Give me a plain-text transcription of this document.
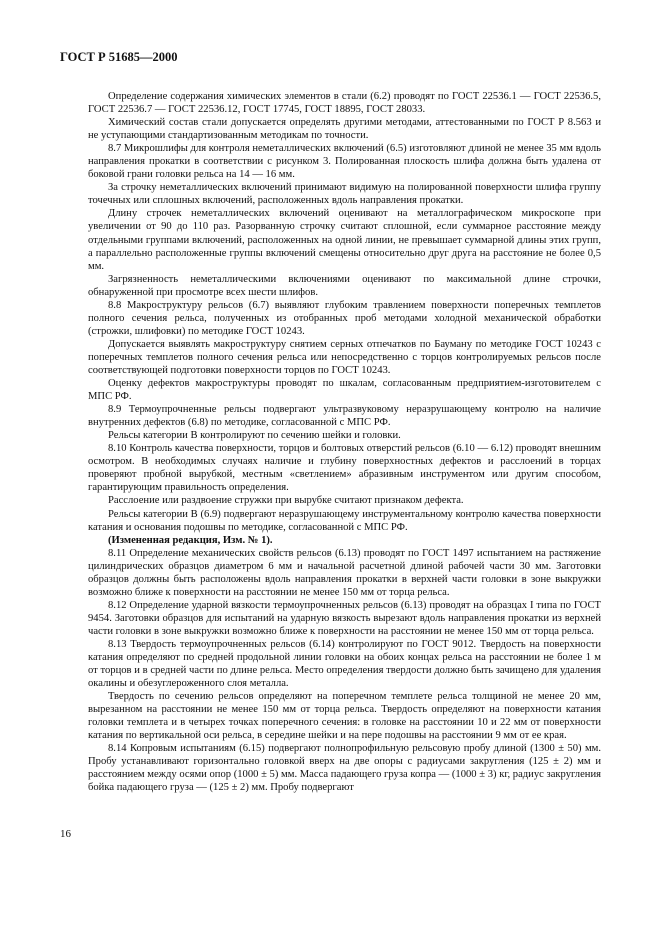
ГОСТ Р 51685—2000

Определение содержания химических элементов в стали (6.2) проводят по ГОСТ 22536.1 — ГОСТ 22536.5, ГОСТ 22536.7 — ГОСТ 22536.12, ГОСТ 17745, ГОСТ 18895, ГОСТ 28033.

Химический состав стали допускается определять другими методами, аттестованными по ГОСТ Р 8.563 и не уступающими стандартизованным методикам по точности.

8.7 Микрошлифы для контроля неметаллических включений (6.5) изготовляют длиной не менее 35 мм вдоль направления прокатки в соответствии с рисунком 3. Полированная плоскость шлифа должна быть удалена от боковой грани головки рельса на 14 — 16 мм.

За строчку неметаллических включений принимают видимую на полированной поверхности шлифа группу точечных или сплошных включений, расположенных вдоль направления прокатки.

Длину строчек неметаллических включений оценивают на металлографическом микроскопе при увеличении от 90 до 110 раз. Разорванную строчку считают сплошной, если суммарное расстояние между отдельными группами включений, расположенных на одной линии, не превышает суммарной длины этих групп, а параллельно расположенные группы включений смещены относительно друг друга на расстояние не более 0,5 мм.

Загрязненность неметаллическими включениями оценивают по максимальной длине строчки, обнаруженной при просмотре всех шести шлифов.

8.8 Макроструктуру рельсов (6.7) выявляют глубоким травлением поверхности поперечных темплетов полного сечения рельса, полученных из отобранных проб методами холодной механической обработки (строжки, шлифовки) по методике ГОСТ 10243.

Допускается выявлять макроструктуру снятием серных отпечатков по Бауману по методике ГОСТ 10243 с поперечных темплетов полного сечения рельса или непосредственно с торцов контролируемых рельсов после соответствующей подготовки поверхности торцов по ГОСТ 10243.

Оценку дефектов макроструктуры проводят по шкалам, согласованным предприятием-изготовителем с МПС РФ.

8.9 Термоупрочненные рельсы подвергают ультразвуковому неразрушающему контролю на наличие внутренних дефектов (6.8) по методике, согласованной с МПС РФ.

Рельсы категории В контролируют по сечению шейки и головки.

8.10 Контроль качества поверхности, торцов и болтовых отверстий рельсов (6.10 — 6.12) проводят внешним осмотром. В необходимых случаях наличие и глубину поверхностных дефектов и расслоений в торцах проверяют пробной вырубкой, местным «светлением» абразивным инструментом или другим способом, гарантирующим правильность определения.

Расслоение или раздвоение стружки при вырубке считают признаком дефекта.

Рельсы категории В (6.9) подвергают неразрушающему инструментальному контролю качества поверхности катания и основания подошвы по методике, согласованной с МПС РФ.

(Измененная редакция, Изм. № 1).

8.11 Определение механических свойств рельсов (6.13) проводят по ГОСТ 1497 испытанием на растяжение цилиндрических образцов диаметром 6 мм и начальной расчетной длиной рабочей части 30 мм. Заготовки образцов должны быть расположены вдоль направления прокатки в верхней части головки в зоне выкружки возможно ближе к поверхности на расстоянии не менее 150 мм от торца рельса.

8.12 Определение ударной вязкости термоупрочненных рельсов (6.13) проводят на образцах I типа по ГОСТ 9454. Заготовки образцов для испытаний на ударную вязкость вырезают вдоль направления прокатки из верхней части головки в зоне выкружки возможно ближе к поверхности на расстоянии не менее 150 мм от торца рельса.

8.13 Твердость термоупрочненных рельсов (6.14) контролируют по ГОСТ 9012. Твердость на поверхности катания определяют по средней продольной линии головки на обоих концах рельса на расстоянии не более 1 м от торцов и в средней части по длине рельса. Место определения твердости должно быть зачищено для удаления окалины и обезуглероженного слоя металла.

Твердость по сечению рельсов определяют на поперечном темплете рельса толщиной не менее 20 мм, вырезанном на расстоянии не менее 150 мм от торца рельса. Твердость определяют на поверхности катания головки темплета и в четырех точках поперечного сечения: в головке на расстоянии 10 и 22 мм от поверхности катания по вертикальной оси рельса, в середине шейки и на пере подошвы на расстоянии 9 мм от ее края.

8.14 Копровым испытаниям (6.15) подвергают полнопрофильную рельсовую пробу длиной (1300 ± 50) мм. Пробу устанавливают горизонтально головкой вверх на две опоры с радиусами закругления (125 ± 2) мм и расстоянием между осями опор (1000 ± 5) мм. Масса падающего груза копра — (1000 ± 3) кг, радиус закругления бойка падающего груза — (125 ± 2) мм. Пробу подвергают

16
